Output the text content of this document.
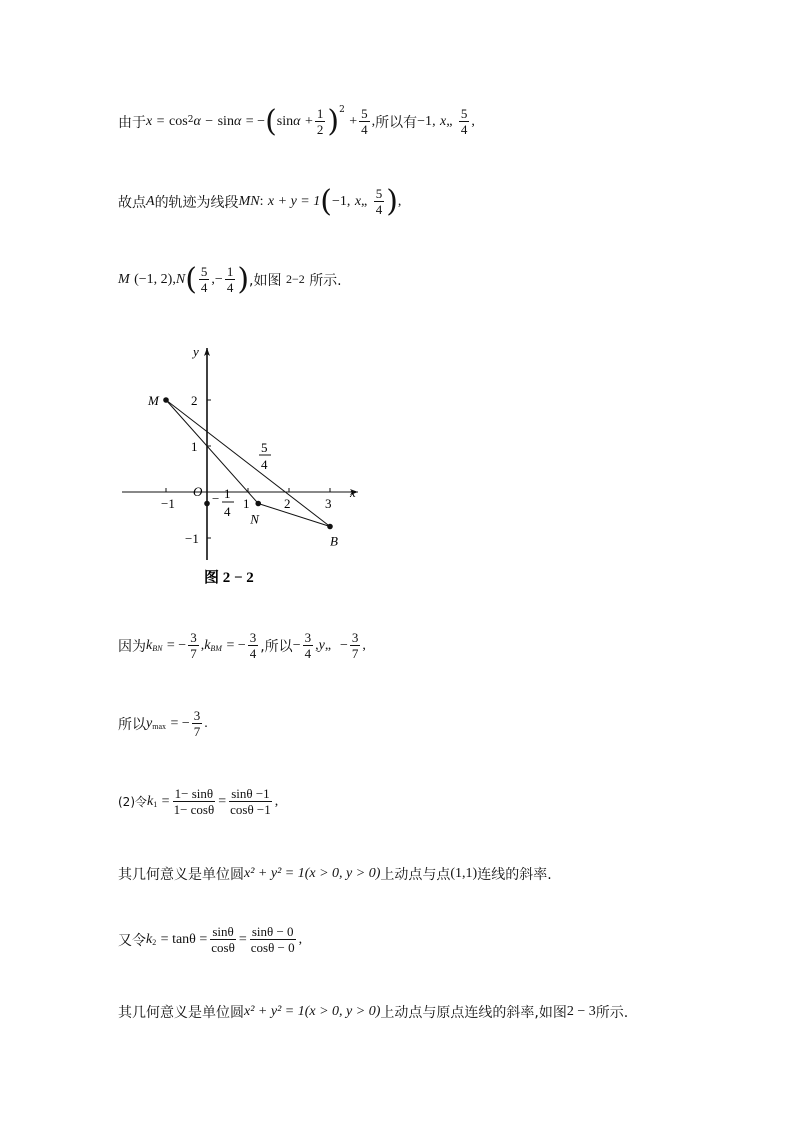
由于 x
=
$\cos^2 \alpha$
−
sin α
= − ( sin α
+ $\frac{1}{2} )^2$

+ $\frac{5}{4}$ , 所以有 −1 ,
x „
$\frac{5}{4}$ ,
故点 A 的轨迹为线段 MN :
x + y = 1 ( −1 ,
x „
$\frac{5}{4}$ ) ,
M
(−1, 2), N ( $\frac{5}{4}$ ,− $\frac{1}{4}$ ) ,如图
2−2
所示.
x
y
O
−1	1	2	3
2
1
−1
M
N
B
5
4
− 1
4
图 2 − 2
因为 $k_{BN}$
= − $\frac{3}{7}$ , $k_{BM}$
= − $\frac{3}{4}$ ,所以 − $\frac{3}{4}$ , y „
− $\frac{3}{7}$ ,
所以 $y_{max}$
= − $\frac{3}{7}$ .
(2)令 $k_1$
= $\frac{1- \sin\theta}{1- \cos\theta} = \frac{\sin\theta -1}{\cos\theta -1}$ ,
其几何意义是单位圆 x² + y² = 1(x > 0, y > 0) 上动点与点 (1,1) 连线的斜率.
又令 $k_2$
= $\tan\theta = \frac{\sin\theta}{\cos\theta} = \frac{\sin\theta - 0}{\cos\theta - 0}$ ,
其几何意义是单位圆 x² + y² = 1(x > 0, y > 0) 上动点与原点连线的斜率,如图 2 − 3 所示.
